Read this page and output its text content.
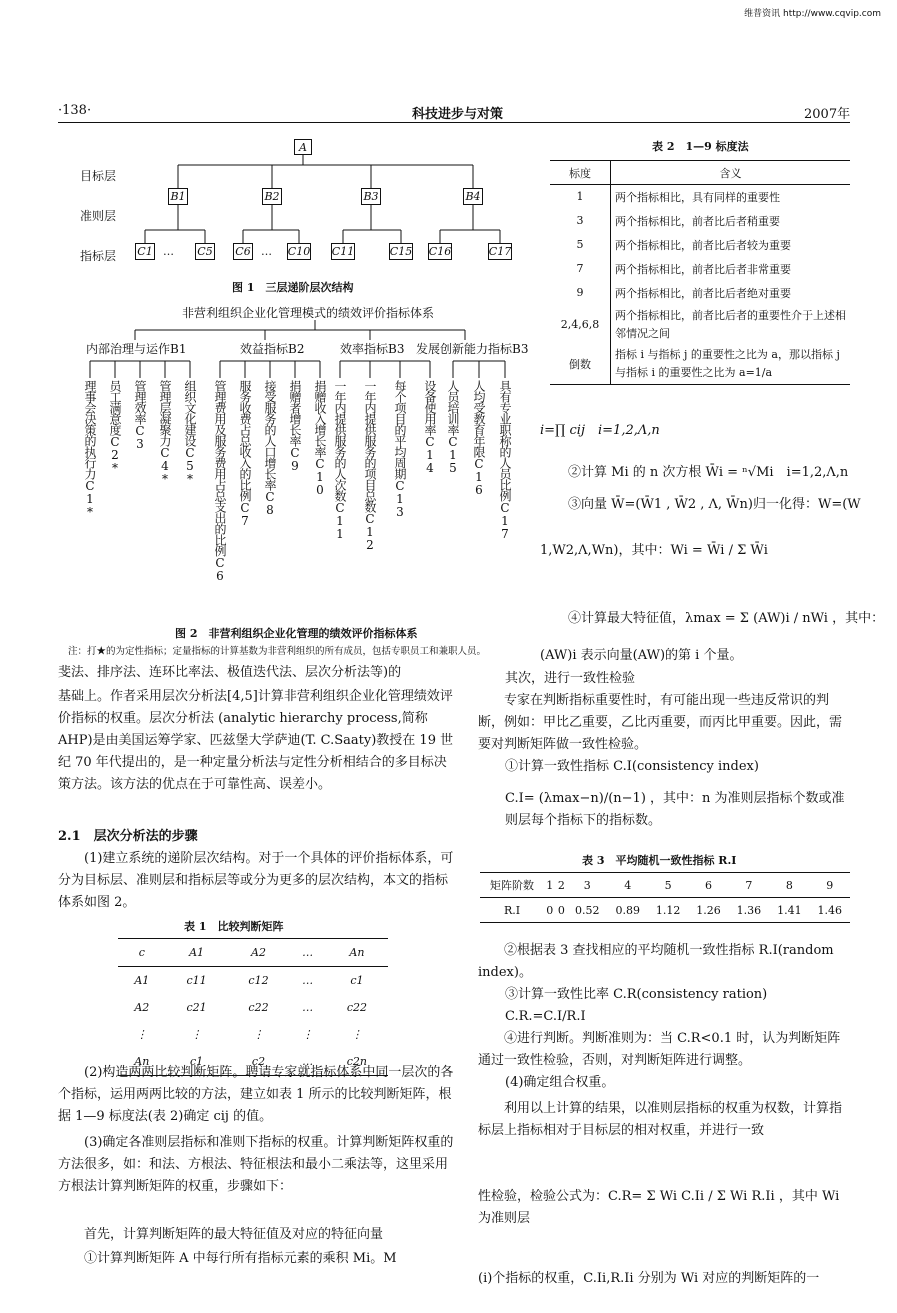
维普资讯 http://www.cqvip.com
·138·	科技进步与对策	2007年
A
目标层
准则层
指标层
B1	B2	B3	B4
C1 … C5 C6 … C10 C11	C15 C16	C17
图 1　三层递阶层次结构
非营利组织企业化管理模式的绩效评价指标体系
内部治理与运作B1	效益指标B2	效率指标B3 发展创新能力指标B3
理事会决策的执行力C1* 员工满意度C2* 管理效率C3 管理层凝聚力C4* 组织文化建设C5* 管理费用及服务费用占总支出的比例C6 服务收费占总收入的比例C7 接受服务的人口增长率C8 捐赠者增长率C9 捐赠收入增长率C10 一年内提供服务的人次数C11 一年内提供服务的项目总数C12 每个项目的平均周期C13 设备使用率C14 人员培训率C15 人均受教育年限C16 具有专业职称的人员比例C17
图 2　非营利组织企业化管理的绩效评价指标体系
注：打★的为定性指标；定量指标的计算基数为非营利组织的所有成员，包括专职员工和兼职人员。
表 2　1—9 标度法
标度	含义
1	两个指标相比，具有同样的重要性
3	两个指标相比，前者比后者稍重要
5	两个指标相比，前者比后者较为重要
7	两个指标相比，前者比后者非常重要
9	两个指标相比，前者比后者绝对重要
2,4,6,8	两个指标相比，前者比后者的重要性介于上述相邻情况之间
倒数	指标 i 与指标 j 的重要性之比为 a，那以指标 j 与指标 i 的重要性之比为 a=1/a
i=∏ cij　i=1,2,Λ,n
②计算 Mi 的 n 次方根 W̄i = ⁿ√Mi　i=1,2,Λ,n
③向量 W̄=(W̄1 , W̄2 , Λ, W̄n)归一化得：W=(W
1,W2,Λ,Wn)，其中：Wi = W̄i / Σ W̄i
④计算最大特征值，λmax = Σ (AW)i / nWi ，其中：
(AW)i 表示向量(AW)的第 i 个量。
其次，进行一致性检验
专家在判断指标重要性时，有可能出现一些违反常识的判断，例如：甲比乙重要，乙比丙重要，而丙比甲重要。因此，需要对判断矩阵做一致性检验。
①计算一致性指标 C.I(consistency index)
C.I= (λmax−n)/(n−1) ，其中：n 为准则层指标个数或准则层每个指标下的指标数。
表 3　平均随机一致性指标 R.I
矩阵阶数	1	2	3	4	5	6	7	8	9
R.I	0	0	0.52	0.89	1.12	1.26	1.36	1.41	1.46
②根据表 3 查找相应的平均随机一致性指标 R.I(random index)。
③计算一致性比率 C.R(consistency ration)
C.R.=C.I/R.I
④进行判断。判断准则为：当 C.R<0.1 时，认为判断矩阵通过一致性检验，否则，对判断矩阵进行调整。
(4)确定组合权重。
利用以上计算的结果，以准则层指标的权重为权数，计算指标层上指标相对于目标层的相对权重，并进行一致
性检验，检验公式为：C.R= Σ Wi C.Ii / Σ Wi R.Ii ，其中 Wi 为准则层
(i)个指标的权重，C.Ii,R.Ii 分别为 Wi 对应的判断矩阵的一
斐法、排序法、连环比率法、极值迭代法、层次分析法等)的
基础上。作者采用层次分析法[4,5]计算非营利组织企业化管理绩效评价指标的权重。层次分析法 (analytic hierarchy process,简称 AHP)是由美国运筹学家、匹兹堡大学萨迪(T. C.Saaty)教授在 19 世纪 70 年代提出的，是一种定量分析法与定性分析相结合的多目标决策方法。该方法的优点在于可靠性高、误差小。
2.1　层次分析法的步骤
(1)建立系统的递阶层次结构。对于一个具体的评价指标体系，可分为目标层、准则层和指标层等或分为更多的层次结构，本文的指标体系如图 2。
表 1　比较判断矩阵
c	A1	A2	…	An
A1	c11	c12	…	c1
A2	c21	c22	…	c22
⋮	⋮	⋮	⋮	⋮
An	c1	c2	…	c2n
(2)构造两两比较判断矩阵。聘请专家就指标体系中同一层次的各个指标，运用两两比较的方法，建立如表 1 所示的比较判断矩阵，根据 1—9 标度法(表 2)确定 cij 的值。
(3)确定各准则层指标和准则下指标的权重。计算判断矩阵权重的方法很多，如：和法、方根法、特征根法和最小二乘法等，这里采用方根法计算判断矩阵的权重，步骤如下：
首先，计算判断矩阵的最大特征值及对应的特征向量
①计算判断矩阵 A 中每行所有指标元素的乘积 Mi。M
